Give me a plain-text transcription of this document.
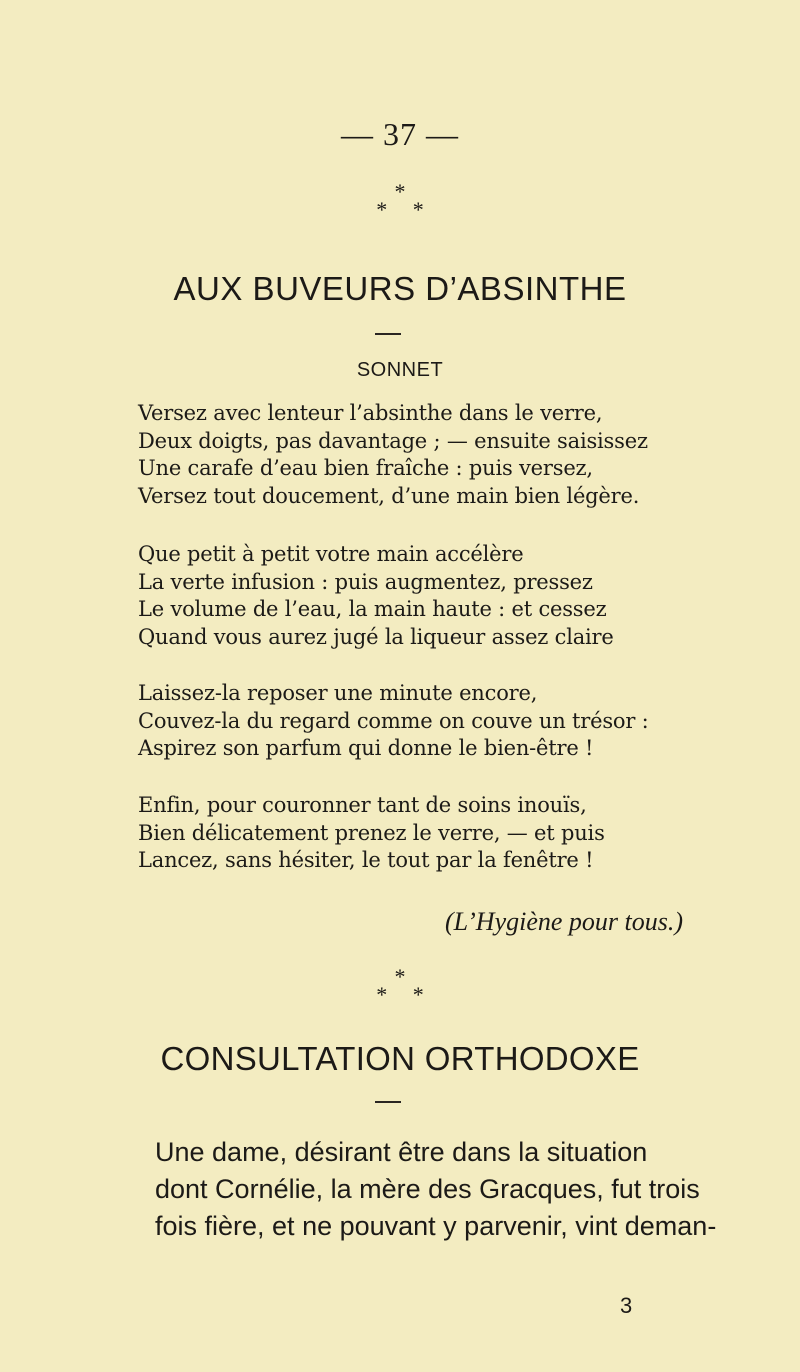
— 37 —
*
* *
AUX BUVEURS D’ABSINTHE
SONNET
Versez avec lenteur l’absinthe dans le verre,
Deux doigts, pas davantage ; — ensuite saisissez
Une carafe d’eau bien fraîche : puis versez,
Versez tout doucement, d’une main bien légère.
Que petit à petit votre main accélère
La verte infusion : puis augmentez, pressez
Le volume de l’eau, la main haute : et cessez
Quand vous aurez jugé la liqueur assez claire
Laissez-la reposer une minute encore,
Couvez-la du regard comme on couve un trésor :
Aspirez son parfum qui donne le bien-être !
Enfin, pour couronner tant de soins inouïs,
Bien délicatement prenez le verre, — et puis
Lancez, sans hésiter, le tout par la fenêtre !
(L’Hygiène pour tous.)
*
* *
CONSULTATION ORTHODOXE
Une dame, désirant être dans la situation
dont Cornélie, la mère des Gracques, fut trois
fois fière, et ne pouvant y parvenir, vint deman-
3
